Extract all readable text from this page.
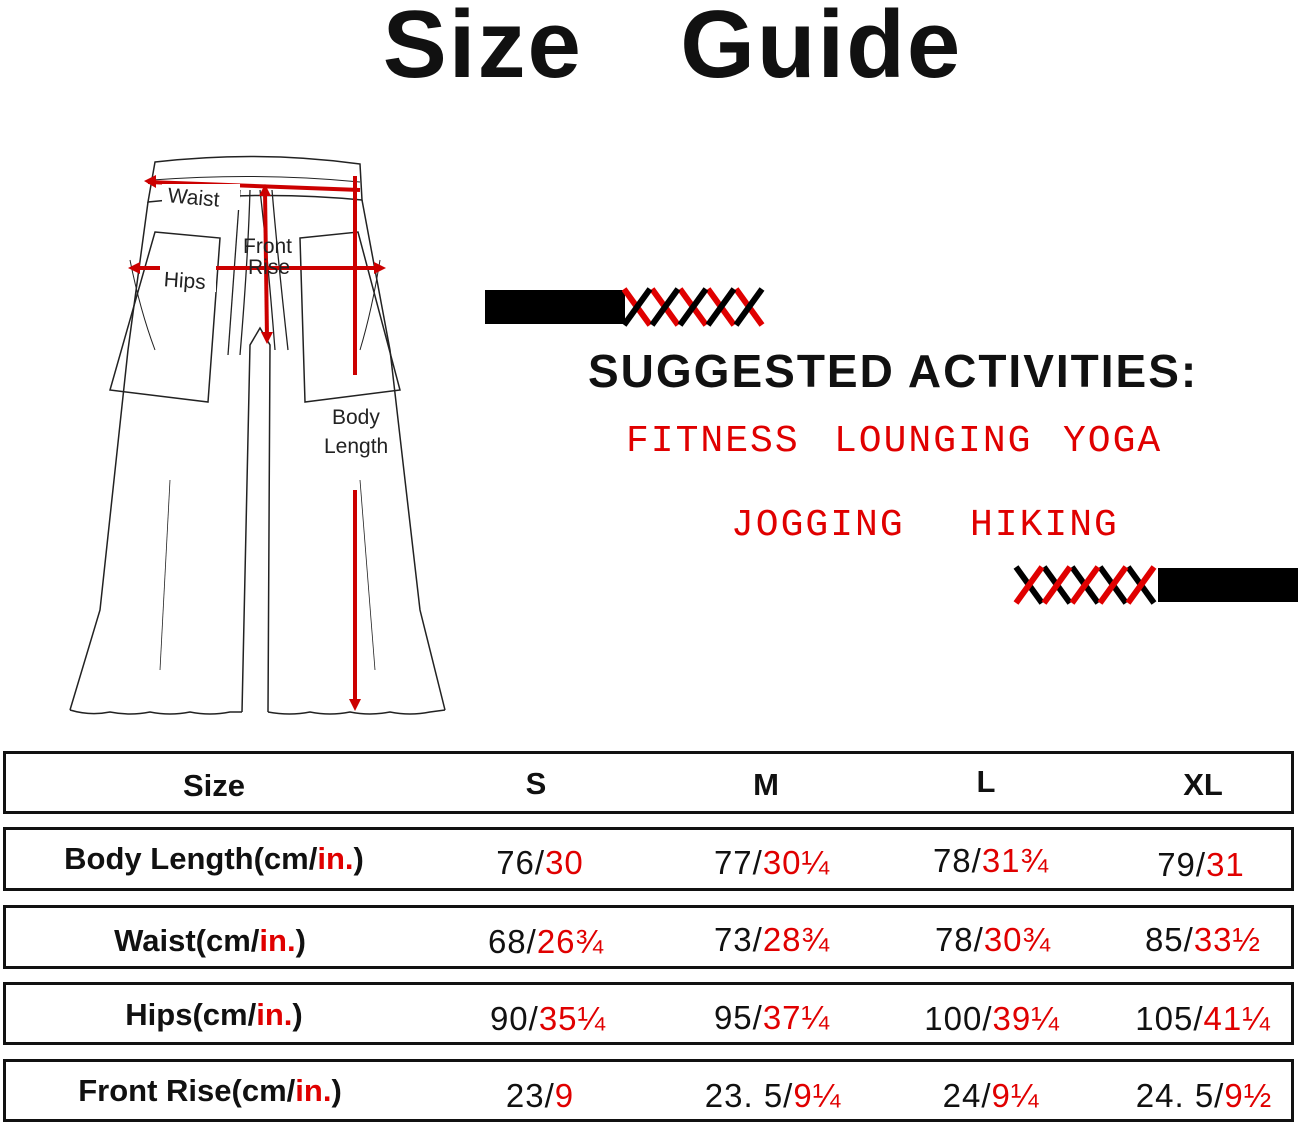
Size  Guide
Waist
Hips
Front
Rise
Body
Length
SUGGESTED ACTIVITIES:
FITNESS LOUNGING YOGA
JOGGING HIKING
Size	S	M	L	XL
Body Length(cm/in.)	76/30	77/30¼	78/31¾	79/31
Waist(cm/in.)	68/26¾	73/28¾	78/30¾	85/33½
Hips(cm/in.)	90/35¼	95/37¼	100/39¼ 105/41¼
Front Rise(cm/in.)	23/9	23. 5/9¼	24/9¼	24. 5/9½
